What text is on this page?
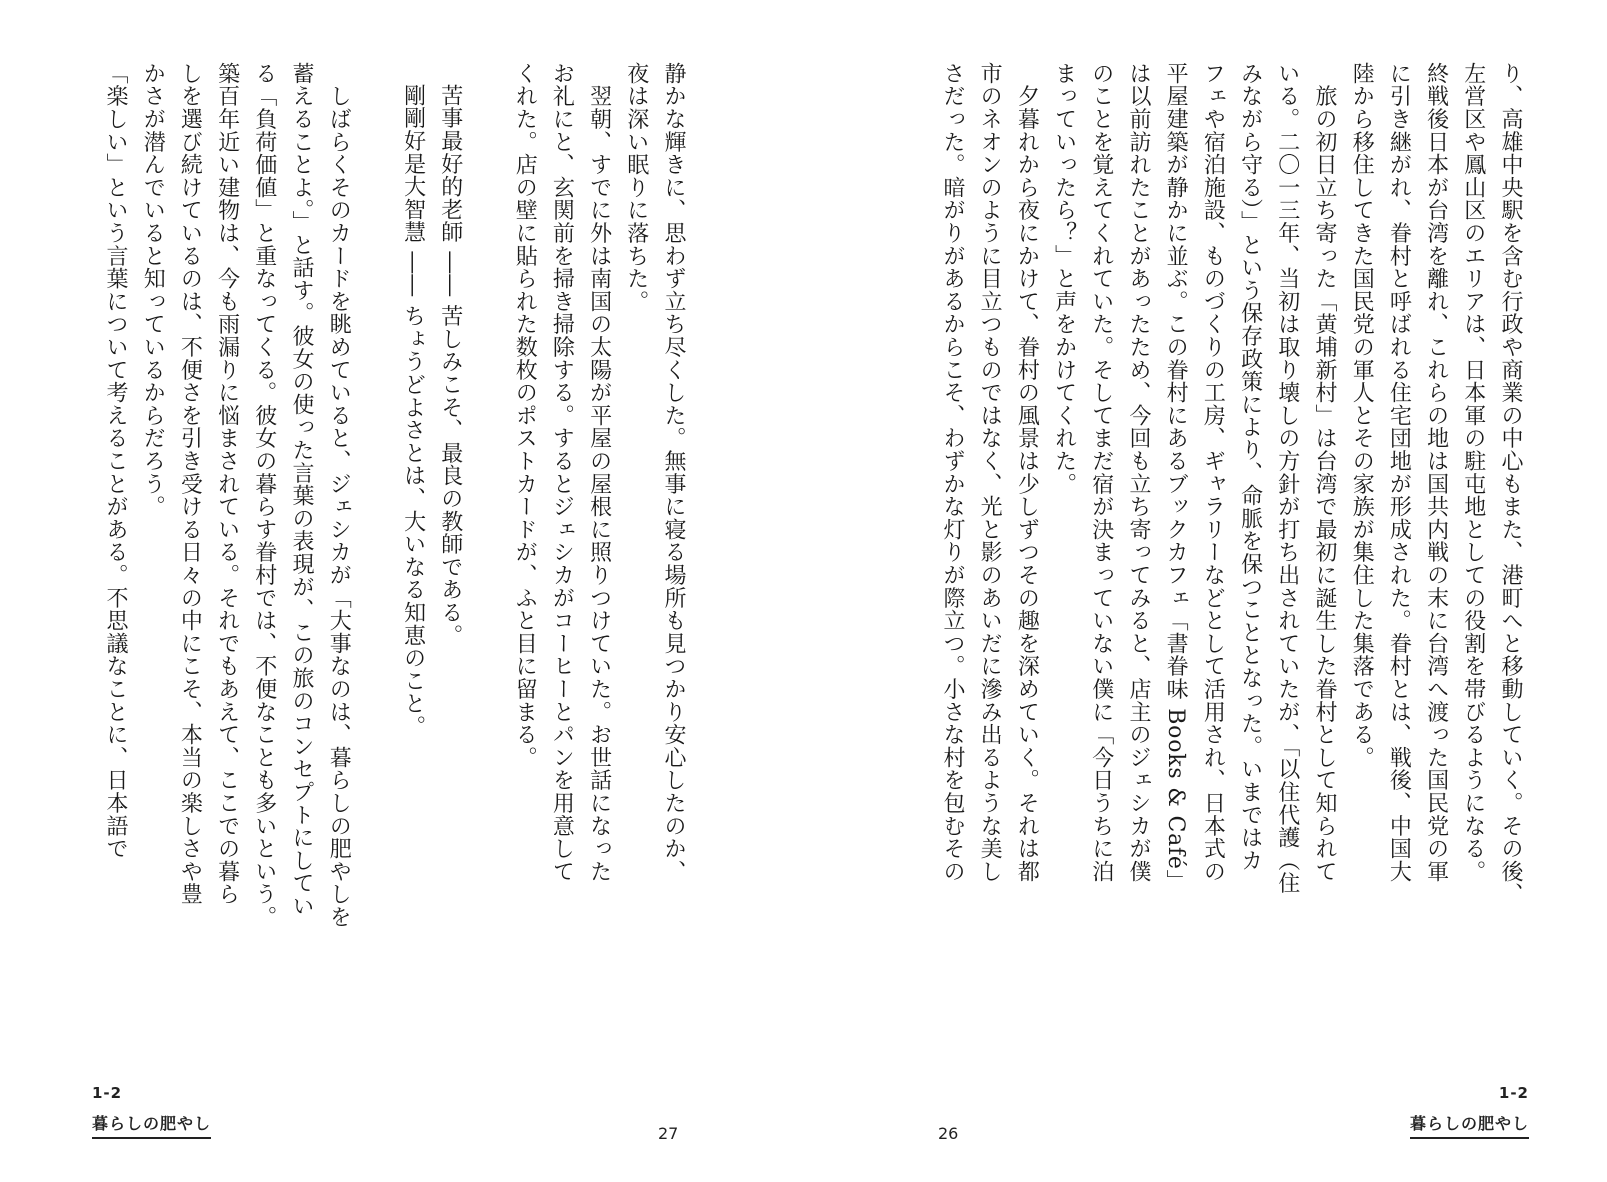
り、高雄中央駅を含む行政や商業の中心もまた、港町へと移動していく。その後、

左営区や鳳山区のエリアは、日本軍の駐屯地としての役割を帯びるようになる。

終戦後日本が台湾を離れ、これらの地は国共内戦の末に台湾へ渡った国民党の軍

に引き継がれ、眷村と呼ばれる住宅団地が形成された。眷村とは、戦後、中国大

陸から移住してきた国民党の軍人とその家族が集住した集落である。

　旅の初日立ち寄った「黄埔新村」は台湾で最初に誕生した眷村として知られて

いる。二〇一三年、当初は取り壊しの方針が打ち出されていたが、「以住代護（住

みながら守る）」という保存政策により、命脈を保つこととなった。いまではカ

フェや宿泊施設、ものづくりの工房、ギャラリーなどとして活用され、日本式の

平屋建築が静かに並ぶ。この眷村にあるブックカフェ「書眷味 Books & Café」

は以前訪れたことがあったため、今回も立ち寄ってみると、店主のジェシカが僕

のことを覚えてくれていた。そしてまだ宿が決まっていない僕に「今日うちに泊

まっていったら？」と声をかけてくれた。

　夕暮れから夜にかけて、眷村の風景は少しずつその趣を深めていく。それは都

市のネオンのように目立つものではなく、光と影のあいだに滲み出るような美し

さだった。暗がりがあるからこそ、わずかな灯りが際立つ。小さな村を包むその

静かな輝きに、思わず立ち尽くした。無事に寝る場所も見つかり安心したのか、

夜は深い眠りに落ちた。

　翌朝、すでに外は南国の太陽が平屋の屋根に照りつけていた。お世話になった

お礼にと、玄関前を掃き掃除する。するとジェシカがコーヒーとパンを用意して

くれた。店の壁に貼られた数枚のポストカードが、ふと目に留まる。

苦事最好的老師 ―― 苦しみこそ、最良の教師である。

剛剛好是大智慧 ―― ちょうどよさとは、大いなる知恵のこと。

　しばらくそのカードを眺めていると、ジェシカが「大事なのは、暮らしの肥やしを

蓄えることよ。」と話す。彼女の使った言葉の表現が、この旅のコンセプトにしてい

る「負荷価値」と重なってくる。彼女の暮らす眷村では、不便なことも多いという。

築百年近い建物は、今も雨漏りに悩まされている。それでもあえて、ここでの暮ら

しを選び続けているのは、不便さを引き受ける日々の中にこそ、本当の楽しさや豊

かさが潜んでいると知っているからだろう。

「楽しい」という言葉について考えることがある。不思議なことに、日本語で

1-2
暮らしの肥やし
27	26
1-2
暮らしの肥やし
